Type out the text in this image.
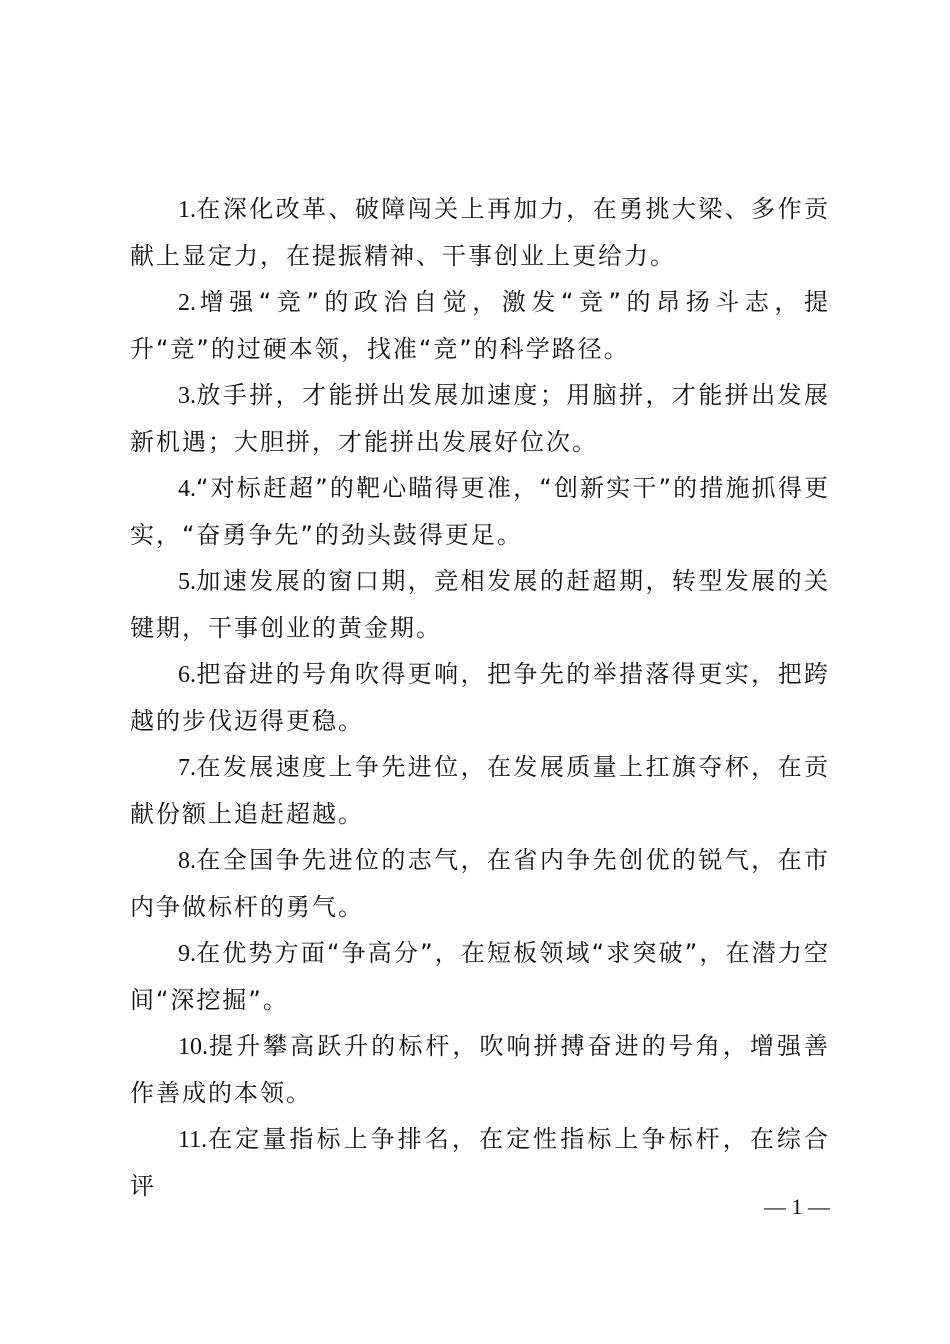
1.在深化改革、破障闯关上再加力，在勇挑大梁、多作贡献上显定力，在提振精神、干事创业上更给力。

2.增强“竞”的政治自觉，激发“竞”的昂扬斗志，提升“竞”的过硬本领，找准“竞”的科学路径。

3.放手拼，才能拼出发展加速度；用脑拼，才能拼出发展新机遇；大胆拼，才能拼出发展好位次。

4.“对标赶超”的靶心瞄得更准，“创新实干”的措施抓得更实，“奋勇争先”的劲头鼓得更足。

5.加速发展的窗口期，竞相发展的赶超期，转型发展的关键期，干事创业的黄金期。

6.把奋进的号角吹得更响，把争先的举措落得更实，把跨越的步伐迈得更稳。

7.在发展速度上争先进位，在发展质量上扛旗夺杯，在贡献份额上追赶超越。

8.在全国争先进位的志气，在省内争先创优的锐气，在市内争做标杆的勇气。

9.在优势方面“争高分”，在短板领域“求突破”，在潜力空间“深挖掘”。

10.提升攀高跃升的标杆，吹响拼搏奋进的号角，增强善作善成的本领。

11.在定量指标上争排名，在定性指标上争标杆，在综合评

— 1 —
